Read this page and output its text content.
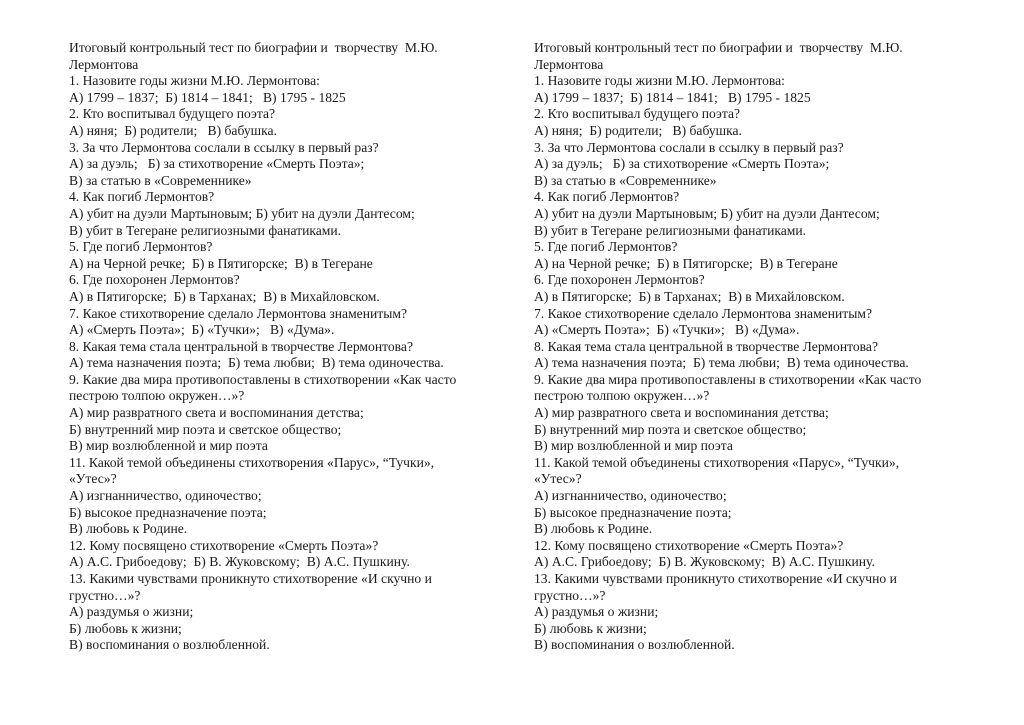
Итоговый контрольный тест по биографии и  творчеству  М.Ю.
Лермонтова
1. Назовите годы жизни М.Ю. Лермонтова:
А) 1799 – 1837;  Б) 1814 – 1841;   В) 1795 - 1825
2. Кто воспитывал будущего поэта?
А) няня;  Б) родители;   В) бабушка.
3. За что Лермонтова сослали в ссылку в первый раз?
А) за дуэль;   Б) за стихотворение «Смерть Поэта»;
В) за статью в «Современнике»
4. Как погиб Лермонтов?
А) убит на дуэли Мартыновым; Б) убит на дуэли Дантесом;
В) убит в Тегеране религиозными фанатиками.
5. Где погиб Лермонтов?
А) на Черной речке;  Б) в Пятигорске;  В) в Тегеране
6. Где похоронен Лермонтов?
А) в Пятигорске;  Б) в Тарханах;  В) в Михайловском.
7. Какое стихотворение сделало Лермонтова знаменитым?
А) «Смерть Поэта»;  Б) «Тучки»;   В) «Дума».
8. Какая тема стала центральной в творчестве Лермонтова?
А) тема назначения поэта;  Б) тема любви;  В) тема одиночества.
9. Какие два мира противопоставлены в стихотворении «Как часто
пестрою толпою окружен…»?
А) мир развратного света и воспоминания детства;
Б) внутренний мир поэта и светское общество;
В) мир возлюбленной и мир поэта
11. Какой темой объединены стихотворения «Парус», “Тучки»,
«Утес»?
А) изгнанничество, одиночество;
Б) высокое предназначение поэта;
В) любовь к Родине.
12. Кому посвящено стихотворение «Смерть Поэта»?
А) А.С. Грибоедову;  Б) В. Жуковскому;  В) А.С. Пушкину.
13. Какими чувствами проникнуто стихотворение «И скучно и
грустно…»?
А) раздумья о жизни;
Б) любовь к жизни;
В) воспоминания о возлюбленной.
Итоговый контрольный тест по биографии и  творчеству  М.Ю.
Лермонтова
1. Назовите годы жизни М.Ю. Лермонтова:
А) 1799 – 1837;  Б) 1814 – 1841;   В) 1795 - 1825
2. Кто воспитывал будущего поэта?
А) няня;  Б) родители;   В) бабушка.
3. За что Лермонтова сослали в ссылку в первый раз?
А) за дуэль;   Б) за стихотворение «Смерть Поэта»;
В) за статью в «Современнике»
4. Как погиб Лермонтов?
А) убит на дуэли Мартыновым; Б) убит на дуэли Дантесом;
В) убит в Тегеране религиозными фанатиками.
5. Где погиб Лермонтов?
А) на Черной речке;  Б) в Пятигорске;  В) в Тегеране
6. Где похоронен Лермонтов?
А) в Пятигорске;  Б) в Тарханах;  В) в Михайловском.
7. Какое стихотворение сделало Лермонтова знаменитым?
А) «Смерть Поэта»;  Б) «Тучки»;   В) «Дума».
8. Какая тема стала центральной в творчестве Лермонтова?
А) тема назначения поэта;  Б) тема любви;  В) тема одиночества.
9. Какие два мира противопоставлены в стихотворении «Как часто
пестрою толпою окружен…»?
А) мир развратного света и воспоминания детства;
Б) внутренний мир поэта и светское общество;
В) мир возлюбленной и мир поэта
11. Какой темой объединены стихотворения «Парус», “Тучки»,
«Утес»?
А) изгнанничество, одиночество;
Б) высокое предназначение поэта;
В) любовь к Родине.
12. Кому посвящено стихотворение «Смерть Поэта»?
А) А.С. Грибоедову;  Б) В. Жуковскому;  В) А.С. Пушкину.
13. Какими чувствами проникнуто стихотворение «И скучно и
грустно…»?
А) раздумья о жизни;
Б) любовь к жизни;
В) воспоминания о возлюбленной.
